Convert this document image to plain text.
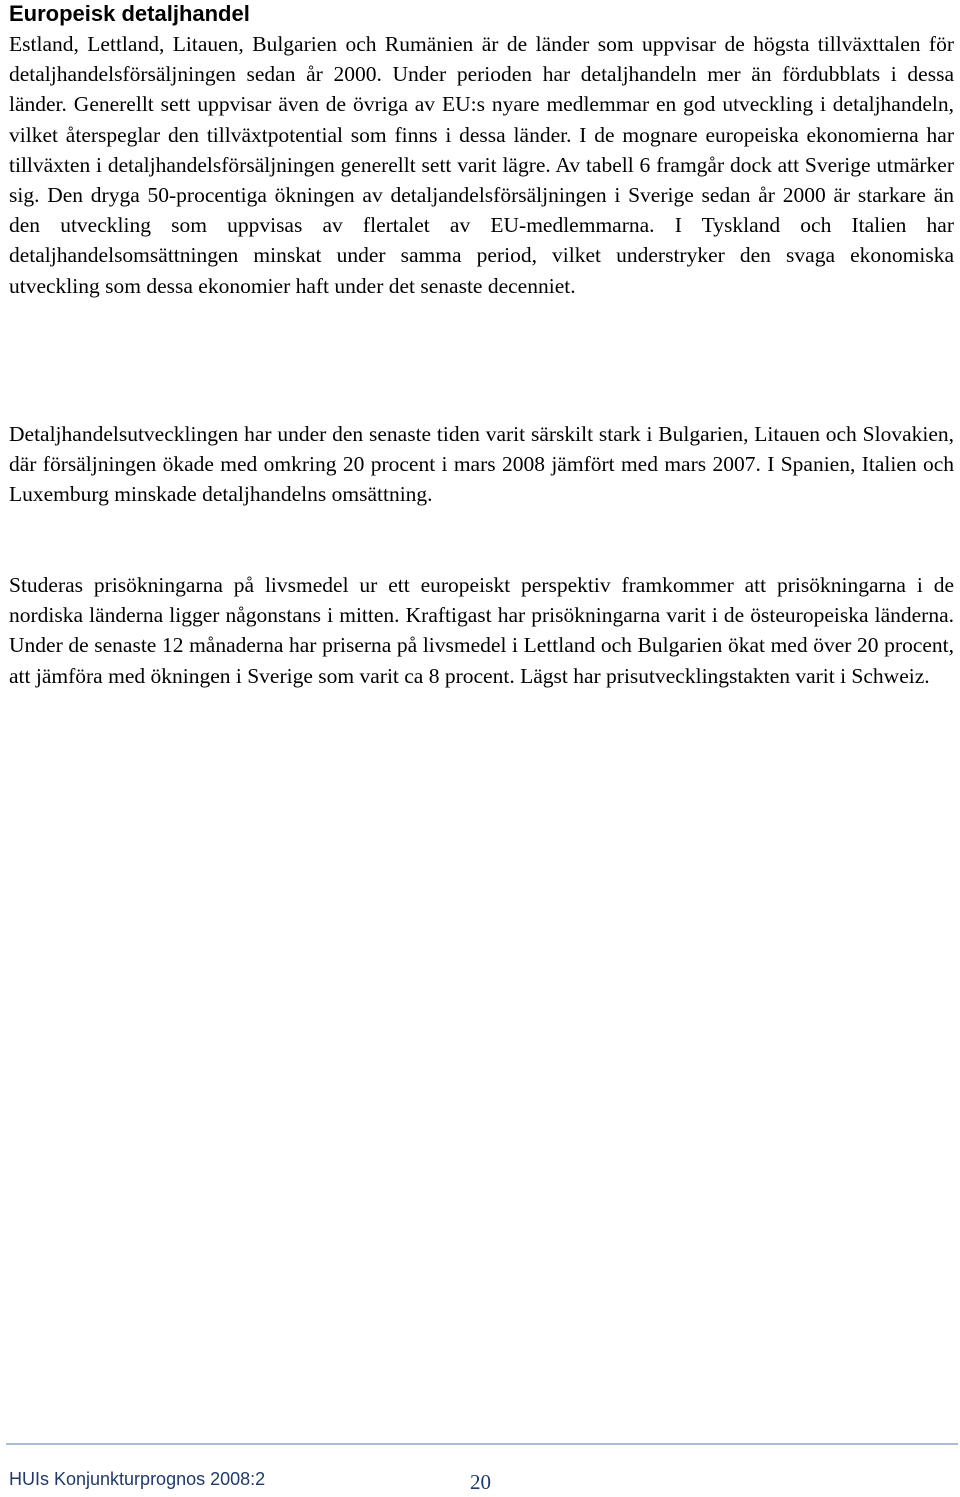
Europeisk detaljhandel

Estland, Lettland, Litauen, Bulgarien och Rumänien är de länder som uppvisar de högsta tillväxttalen för detaljhandelsförsäljningen sedan år 2000. Under perioden har detaljhandeln mer än fördubblats i dessa länder. Generellt sett uppvisar även de övriga av EU:s nyare medlemmar en god utveckling i detaljhandeln, vilket återspeglar den tillväxtpotential som finns i dessa länder. I de mognare europeiska ekonomierna har tillväxten i detaljhandelsförsäljningen generellt sett varit lägre. Av tabell 6 framgår dock att Sverige utmärker sig. Den dryga 50-procentiga ökningen av detaljandelsförsäljningen i Sverige sedan år 2000 är starkare än den utveckling som uppvisas av flertalet av EU-medlemmarna. I Tyskland och Italien har detaljhandelsomsättningen minskat under samma period, vilket understryker den svaga ekonomiska utveckling som dessa ekonomier haft under det senaste decenniet.

Detaljhandelsutvecklingen har under den senaste tiden varit särskilt stark i Bulgarien, Litauen och Slovakien, där försäljningen ökade med omkring 20 procent i mars 2008 jämfört med mars 2007. I Spanien, Italien och Luxemburg minskade detaljhandelns omsättning.

Studeras prisökningarna på livsmedel ur ett europeiskt perspektiv framkommer att prisökningarna i de nordiska länderna ligger någonstans i mitten. Kraftigast har prisökningarna varit i de östeuropeiska länderna. Under de senaste 12 månaderna har priserna på livsmedel i Lettland och Bulgarien ökat med över 20 procent, att jämföra med ökningen i Sverige som varit ca 8 procent. Lägst har prisutvecklingstakten varit i Schweiz.

HUIs Konjunkturprognos 2008:2	20
